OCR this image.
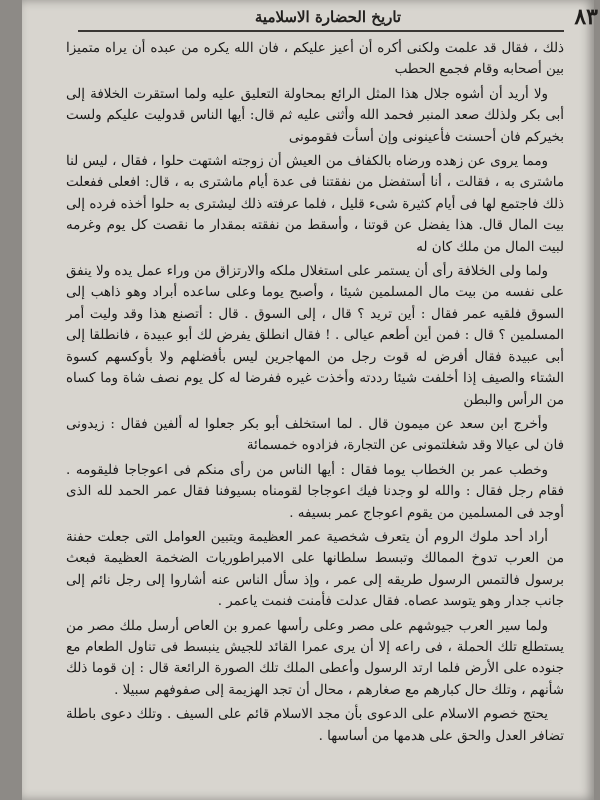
٨٣
تاريخ الحضارة الاسلامية

ذلك ، فقال قد علمت ولكنى أكره أن أعيز عليكم ، فان الله يكره من عبده أن يراه متميزا بين أصحابه وقام فجمع الحطب

ولا أريد أن أشوه جلال هذا المثل الرائع بمحاولة التعليق عليه ولما استقرت الخلافة إلى أبى بكر ولذلك صعد المنبر فحمد الله وأثنى عليه ثم قال: أيها الناس قدوليت عليكم ولست بخيركم فان أحسنت فأعينونى وإن أسأت فقومونى

ومما يروى عن زهده ورضاه بالكفاف من العيش أن زوجته اشتهت حلوا ، فقال ، ليس لنا ماشترى به ، فقالت ، أنا أستفضل من نفقتنا فى عدة أيام ماشترى به ، قال: افعلى ففعلت ذلك فاجتمع لها فى أيام كثيرة شىء قليل ، فلما عرفته ذلك ليشترى به حلوا أخذه فرده إلى بيت المال قال. هذا يفضل عن قوتنا ، وأسقط من نفقته بمقدار ما نقصت كل يوم وغرمه لبيت المال من ملك كان له

ولما ولى الخلافة رأى أن يستمر على استغلال ملكه والارتزاق من وراء عمل يده ولا ينفق على نفسه من بيت مال المسلمين شيئا ، وأصبح يوما وعلى ساعده أبراد وهو ذاهب إلى السوق فلقيه عمر فقال : أين تريد ؟ قال ، إلى السوق . قال : أتصنع هذا وقد وليت أمر المسلمين ؟ قال : فمن أين أطعم عيالى . ! فقال انطلق يفرض لك أبو عبيدة ، فانطلقا إلى أبى عبيدة فقال أفرض له قوت رجل من المهاجرين ليس بأفضلهم ولا بأوكسهم كسوة الشتاء والصيف إذا أخلفت شيئا رددته وأخذت غيره ففرضا له كل يوم نصف شاة وما كساه من الرأس والبطن

وأخرج ابن سعد عن ميمون قال . لما استخلف أبو بكر جعلوا له ألفين فقال : زيدونى فان لى عيالا وقد شغلتمونى عن التجارة، فزادوه خمسمائة

وخطب عمر بن الخطاب يوما فقال : أيها الناس من رأى منكم فى اعوجاجا فليقومه . فقام رجل فقال : والله لو وجدنا فيك اعوجاجا لقومناه بسيوفنا فقال عمر الحمد لله الذى أوجد فى المسلمين من يقوم اعوجاج عمر بسيفه .

أراد أحد ملوك الروم أن يتعرف شخصية عمر العظيمة ويتبين العوامل التى جعلت حفنة من العرب تدوخ الممالك وتبسط سلطانها على الامبراطوريات الضخمة العظيمة فبعث برسول فالتمس الرسول طريقه إلى عمر ، وإذ سأل الناس عنه أشاروا إلى رجل نائم إلى جانب جدار وهو يتوسد عصاه. فقال عدلت فأمنت فنمت ياعمر .

ولما سير العرب جيوشهم على مصر وعلى رأسها عمرو بن العاص أرسل ملك مصر من يستطلع تلك الحملة ، فى راعه إلا أن يرى عمرا القائد للجيش ينبسط فى تناول الطعام مع جنوده على الأرض فلما ارتد الرسول وأعطى الملك تلك الصورة الرائعة قال : إن قوما ذلك شأنهم ، وتلك حال كبارهم مع صغارهم ، محال أن تجد الهزيمة إلى صفوفهم سبيلا .

يحتج خصوم الاسلام على الدعوى بأن مجد الاسلام قائم على السيف . وتلك دعوى باطلة تضافر العدل والحق على هدمها من أساسها .
